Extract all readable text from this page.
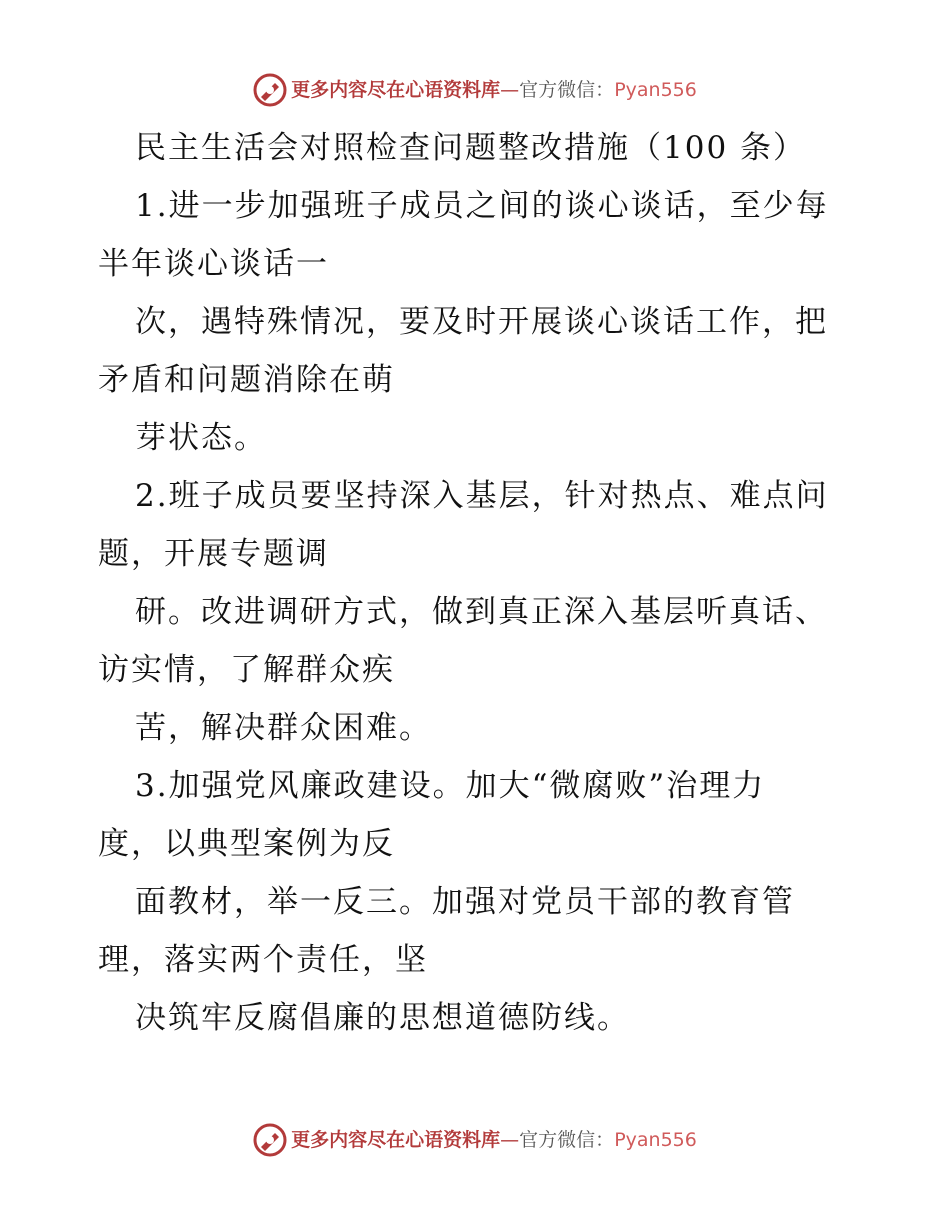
更多内容尽在心语资料库 — 官方微信： Pyan556
民主生活会对照检查问题整改措施（100 条）
1.进一步加强班子成员之间的谈心谈话，至少每
半年谈心谈话一
次，遇特殊情况，要及时开展谈心谈话工作，把
矛盾和问题消除在萌
芽状态。
2.班子成员要坚持深入基层，针对热点、难点问
题，开展专题调
研。改进调研方式，做到真正深入基层听真话、
访实情，了解群众疾
苦，解决群众困难。
3.加强党风廉政建设。加大“微腐败”治理力
度，以典型案例为反
面教材，举一反三。加强对党员干部的教育管
理，落实两个责任，坚
决筑牢反腐倡廉的思想道德防线。
更多内容尽在心语资料库 — 官方微信： Pyan556
